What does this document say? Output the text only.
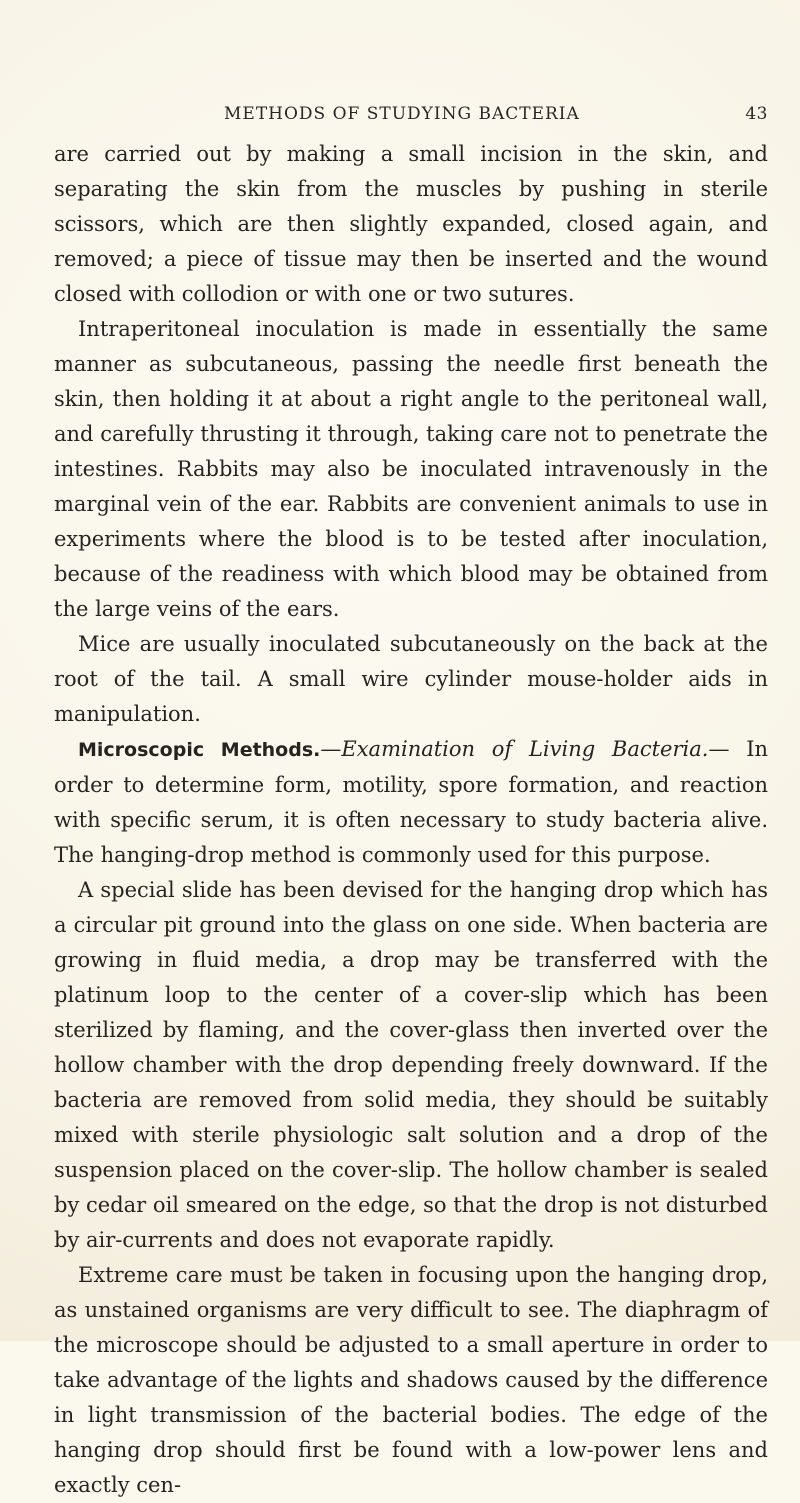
METHODS OF STUDYING BACTERIA	43

are carried out by making a small incision in the skin, and separating the skin from the muscles by pushing in sterile scissors, which are then slightly expanded, closed again, and removed; a piece of tissue may then be inserted and the wound closed with collodion or with one or two sutures.

Intraperitoneal inoculation is made in essentially the same manner as subcutaneous, passing the needle first beneath the skin, then holding it at about a right angle to the peritoneal wall, and carefully thrusting it through, taking care not to penetrate the intestines. Rabbits may also be inoculated intravenously in the marginal vein of the ear. Rabbits are convenient animals to use in experiments where the blood is to be tested after inoculation, because of the readiness with which blood may be obtained from the large veins of the ears.

Mice are usually inoculated subcutaneously on the back at the root of the tail. A small wire cylinder mouse-holder aids in manipulation.

Microscopic Methods.—Examination of Living Bacteria.— In order to determine form, motility, spore formation, and reaction with specific serum, it is often necessary to study bacteria alive. The hanging-drop method is commonly used for this purpose.

A special slide has been devised for the hanging drop which has a circular pit ground into the glass on one side. When bacteria are growing in fluid media, a drop may be transferred with the platinum loop to the center of a cover-slip which has been sterilized by flaming, and the cover-glass then inverted over the hollow chamber with the drop depending freely downward. If the bacteria are removed from solid media, they should be suitably mixed with sterile physiologic salt solution and a drop of the suspension placed on the cover-slip. The hollow chamber is sealed by cedar oil smeared on the edge, so that the drop is not disturbed by air-currents and does not evaporate rapidly.

Extreme care must be taken in focusing upon the hanging drop, as unstained organisms are very difficult to see. The diaphragm of the microscope should be adjusted to a small aperture in order to take advantage of the lights and shadows caused by the difference in light transmission of the bacterial bodies. The edge of the hanging drop should first be found with a low-power lens and exactly cen-
